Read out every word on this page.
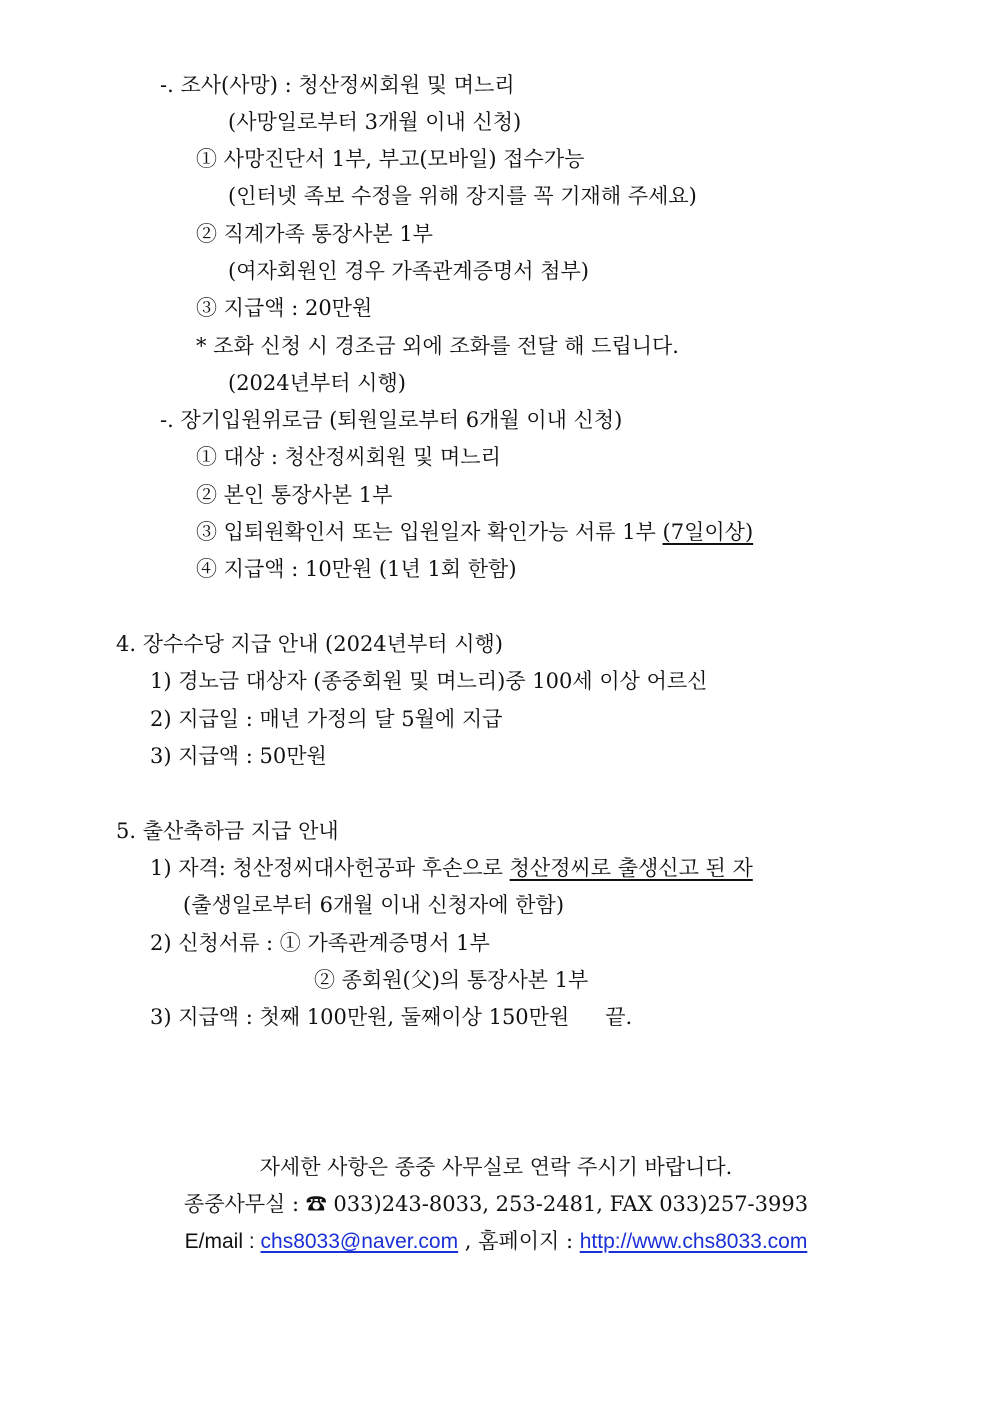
-. 조사(사망) : 청산정씨회원 및 며느리
(사망일로부터 3개월 이내 신청)
① 사망진단서 1부, 부고(모바일) 접수가능
(인터넷 족보 수정을 위해 장지를 꼭 기재해 주세요)
② 직계가족 통장사본 1부
(여자회원인 경우 가족관계증명서 첨부)
③ 지급액 : 20만원
* 조화 신청 시 경조금 외에 조화를 전달 해 드립니다.
(2024년부터 시행)
-. 장기입원위로금 (퇴원일로부터 6개월 이내 신청)
① 대상 : 청산정씨회원 및 며느리
② 본인 통장사본 1부
③ 입퇴원확인서 또는 입원일자 확인가능 서류 1부 (7일이상)
④ 지급액 : 10만원 (1년 1회 한함)
4. 장수수당 지급 안내 (2024년부터 시행)
1) 경노금 대상자 (종중회원 및 며느리)중 100세 이상 어르신
2) 지급일 : 매년 가정의 달 5월에 지급
3) 지급액 : 50만원
5. 출산축하금 지급 안내
1) 자격: 청산정씨대사헌공파 후손으로 청산정씨로 출생신고 된 자
(출생일로부터 6개월 이내 신청자에 한함)
2) 신청서류 : ① 가족관계증명서 1부
② 종회원(父)의 통장사본 1부
3) 지급액 : 첫째 100만원, 둘째이상 150만원 끝.
자세한 사항은 종중 사무실로 연락 주시기 바랍니다.
종중사무실 : ☎ 033)243-8033, 253-2481, FAX 033)257-3993
E/mail : chs8033@naver.com , 홈페이지 : http://www.chs8033.com
